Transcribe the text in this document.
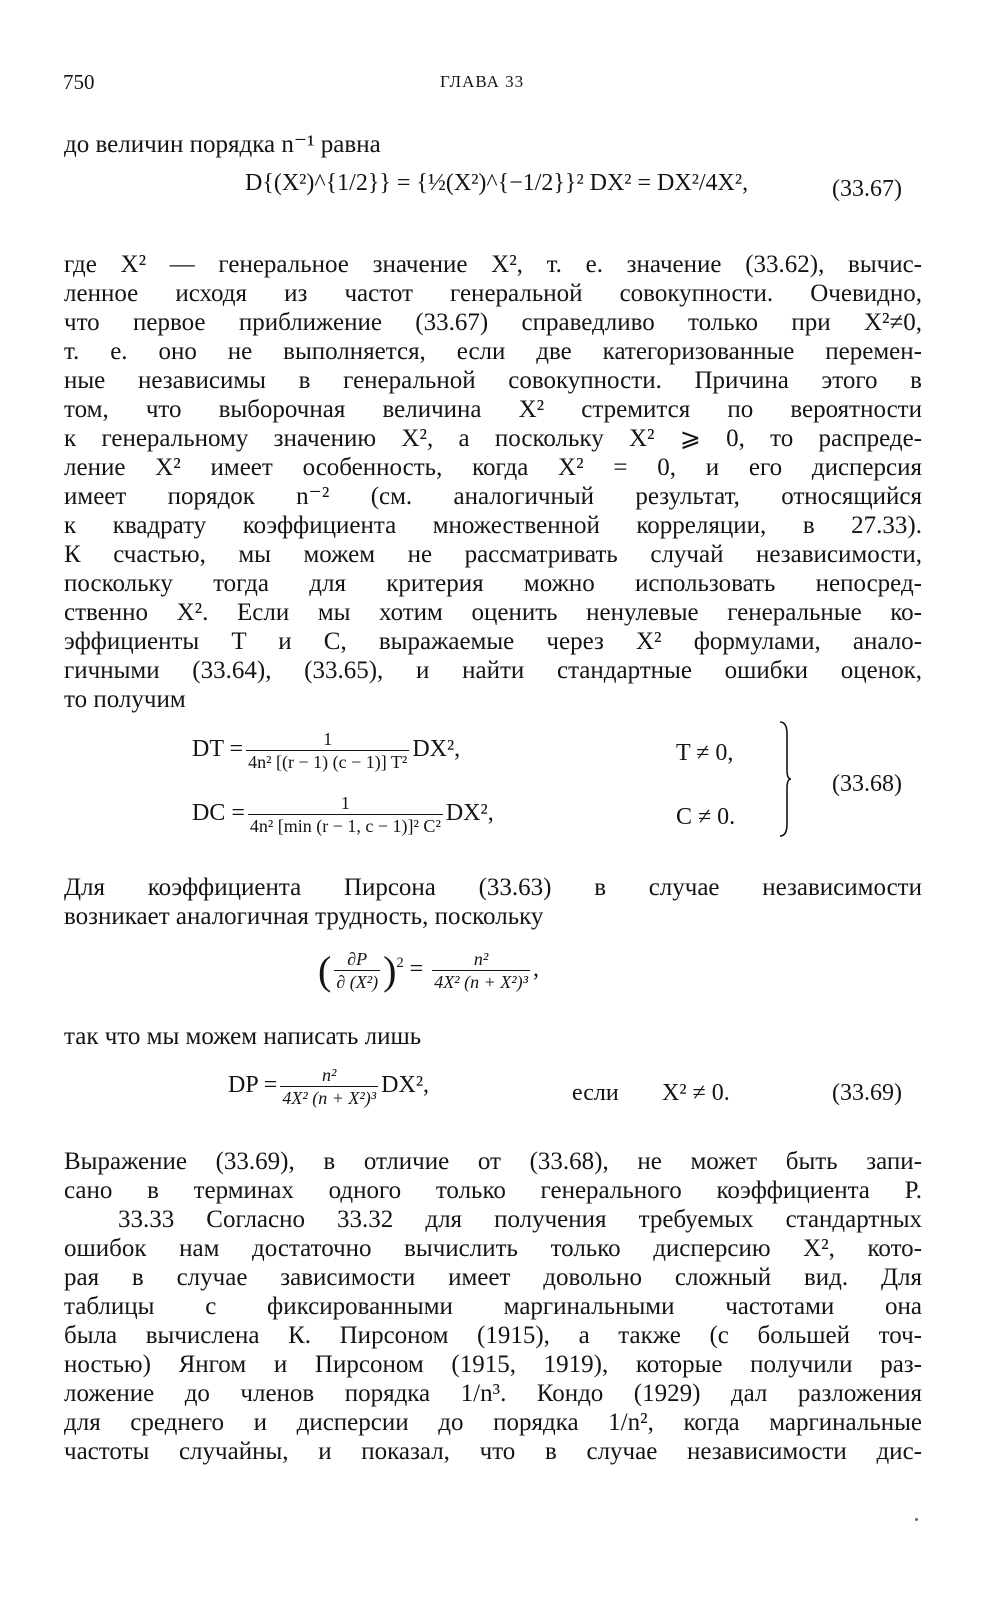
750	ГЛАВА 33
до величин порядка n⁻¹ равна
D{(X²)^{1/2}} = {½(X²)^{−1/2}}² DX² = DX²/4X²,	(33.67)
где X² — генеральное значение X², т. е. значение (33.62), вычис-
ленное исходя из частот генеральной совокупности. Очевидно,
что первое приближение (33.67) справедливо только при X²≠0,
т. е. оно не выполняется, если две категоризованные перемен-
ные независимы в генеральной совокупности. Причина этого в
том, что выборочная величина X² стремится по вероятности
к генеральному значению X², а поскольку X² ⩾ 0, то распреде-
ление X² имеет особенность, когда X² = 0, и его дисперсия
имеет порядок n⁻² (см. аналогичный результат, относящийся
к квадрату коэффициента множественной корреляции, в 27.33).
К счастью, мы можем не рассматривать случай независимости,
поскольку тогда для критерия можно использовать непосред-
ственно X². Если мы хотим оценить ненулевые генеральные ко-
эффициенты T и C, выражаемые через X² формулами, анало-
гичными (33.64), (33.65), и найти стандартные ошибки оценок,
то получим
DT = $\frac{1}{\text{4n² [(r − 1) (c − 1)] T²}} DX^2$,	T ≠ 0,
DC = $\frac{1}{\text{4n² [min (r − 1, c − 1)]² C²}} DX^2$,	C ≠ 0.
(33.68)
Для коэффициента Пирсона (33.63) в случае независимости
возникает аналогичная трудность, поскольку
( $\frac{\partial P}{\text{∂ (X²)}} )^2 = \frac{\text{n²}}{\text{4X² (n + X²)³}}$ ,
так что мы можем написать лишь
DP = $\frac{\text{n²}}{\text{4X² (n + X²)³}} DX^2$,	если X² ≠ 0.	(33.69)
Выражение (33.69), в отличие от (33.68), не может быть запи-
сано в терминах одного только генерального коэффициента P.
33.33 Согласно 33.32 для получения требуемых стандартных
ошибок нам достаточно вычислить только дисперсию X², кото-
рая в случае зависимости имеет довольно сложный вид. Для
таблицы с фиксированными маргинальными частотами она
была вычислена К. Пирсоном (1915), а также (с большей точ-
ностью) Янгом и Пирсоном (1915, 1919), которые получили раз-
ложение до членов порядка 1/n³. Кондо (1929) дал разложения
для среднего и дисперсии до порядка 1/n², когда маргинальные
частоты случайны, и показал, что в случае независимости дис-
